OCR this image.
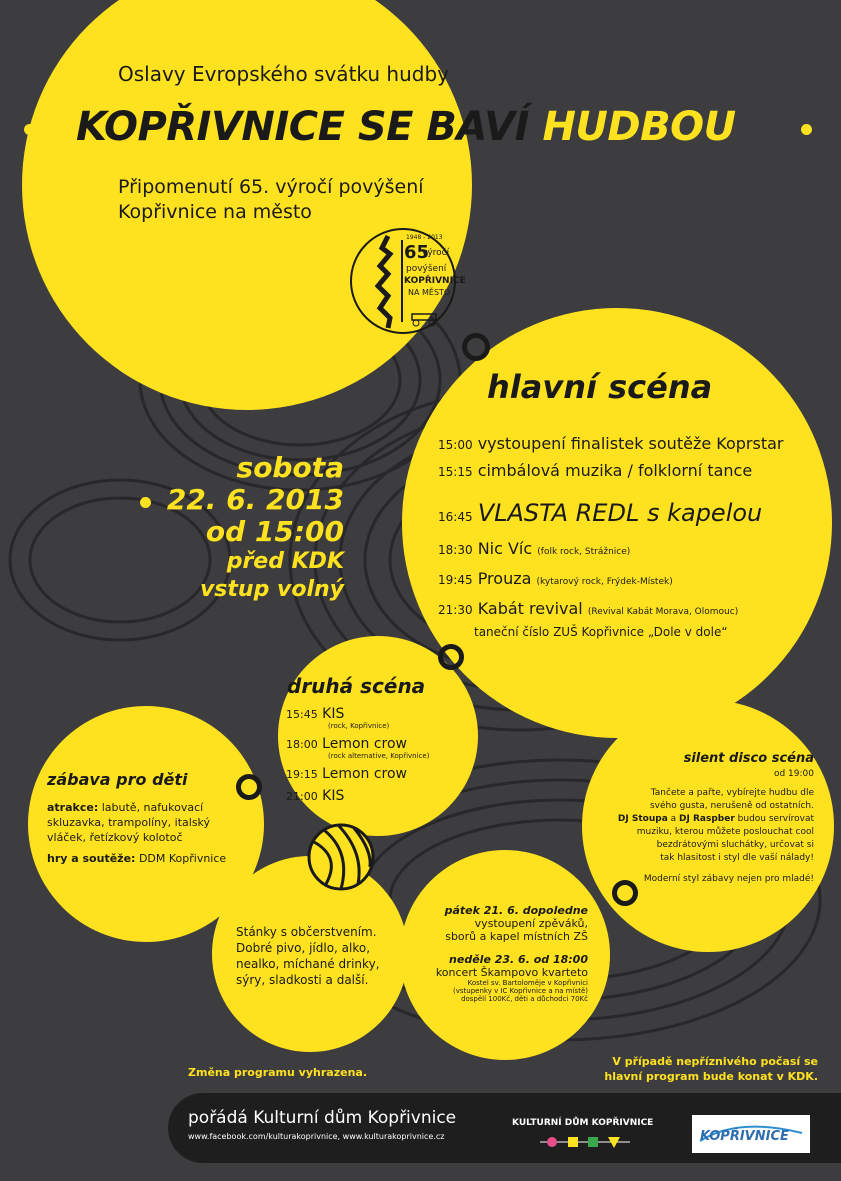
Oslavy Evropského svátku hudby
KOPŘIVNICE SE BAVÍ HUDBOU
Připomenutí 65. výročí povýšení
Kopřivnice na město
1948 - 2013
65
výročí
povýšení
KOPŘIVNICE
NA MĚSTO
sobota
22. 6. 2013
od 15:00
před KDK
vstup volný
hlavní scéna
15:00 vystoupení finalistek soutěže Koprstar
15:15 cimbálová muzika / folklorní tance
16:45 VLASTA REDL s kapelou
18:30 Nic Víc (folk rock, Strážnice)
19:45 Prouza (kytarový rock, Frýdek-Místek)
21:30 Kabát revival (Revival Kabát Morava, Olomouc)
taneční číslo ZUŠ Kopřivnice „Dole v dole“
druhá scéna
15:45 KIS
(rock, Kopřivnice)
18:00 Lemon crow
(rock alternative, Kopřivnice)
19:15 Lemon crow
21:00 KIS
zábava pro děti
atrakce: labutě, nafukovací skluzavka, trampolíny, italský vláček, řetízkový kolotoč
hry a soutěže: DDM Kopřivnice
Stánky s občerstvením.
Dobré pivo, jídlo, alko,
nealko, míchané drinky,
sýry, sladkosti a další.
pátek 21. 6. dopoledne
vystoupení zpěváků,
sborů a kapel místních ZŠ
neděle 23. 6. od 18:00
koncert Škampovo kvarteto
Kostel sv. Bartoloměje v Kopřivnici
(vstupenky v IC Kopřivnice a na místě)
dospělí 100Kč, děti a důchodci 70Kč
silent disco scéna
od 19:00
Tančete a pařte, vybírejte hudbu dle
svého gusta, nerušeně od ostatních.
DJ Stoupa a DJ Raspber budou servírovat
muziku, kterou můžete poslouchat cool
bezdrátovými sluchátky, určovat si
tak hlasitost i styl dle vaší nálady!
Moderní styl zábavy nejen pro mladé!
Změna programu vyhrazena.
V případě nepříznivého počasí se
hlavní program bude konat v KDK.
pořádá Kulturní dům Kopřivnice
www.facebook.com/kulturakoprivnice, www.kulturakoprivnice.cz
KULTURNÍ DŮM KOPŘIVNICE
KOPŘIVNICE
